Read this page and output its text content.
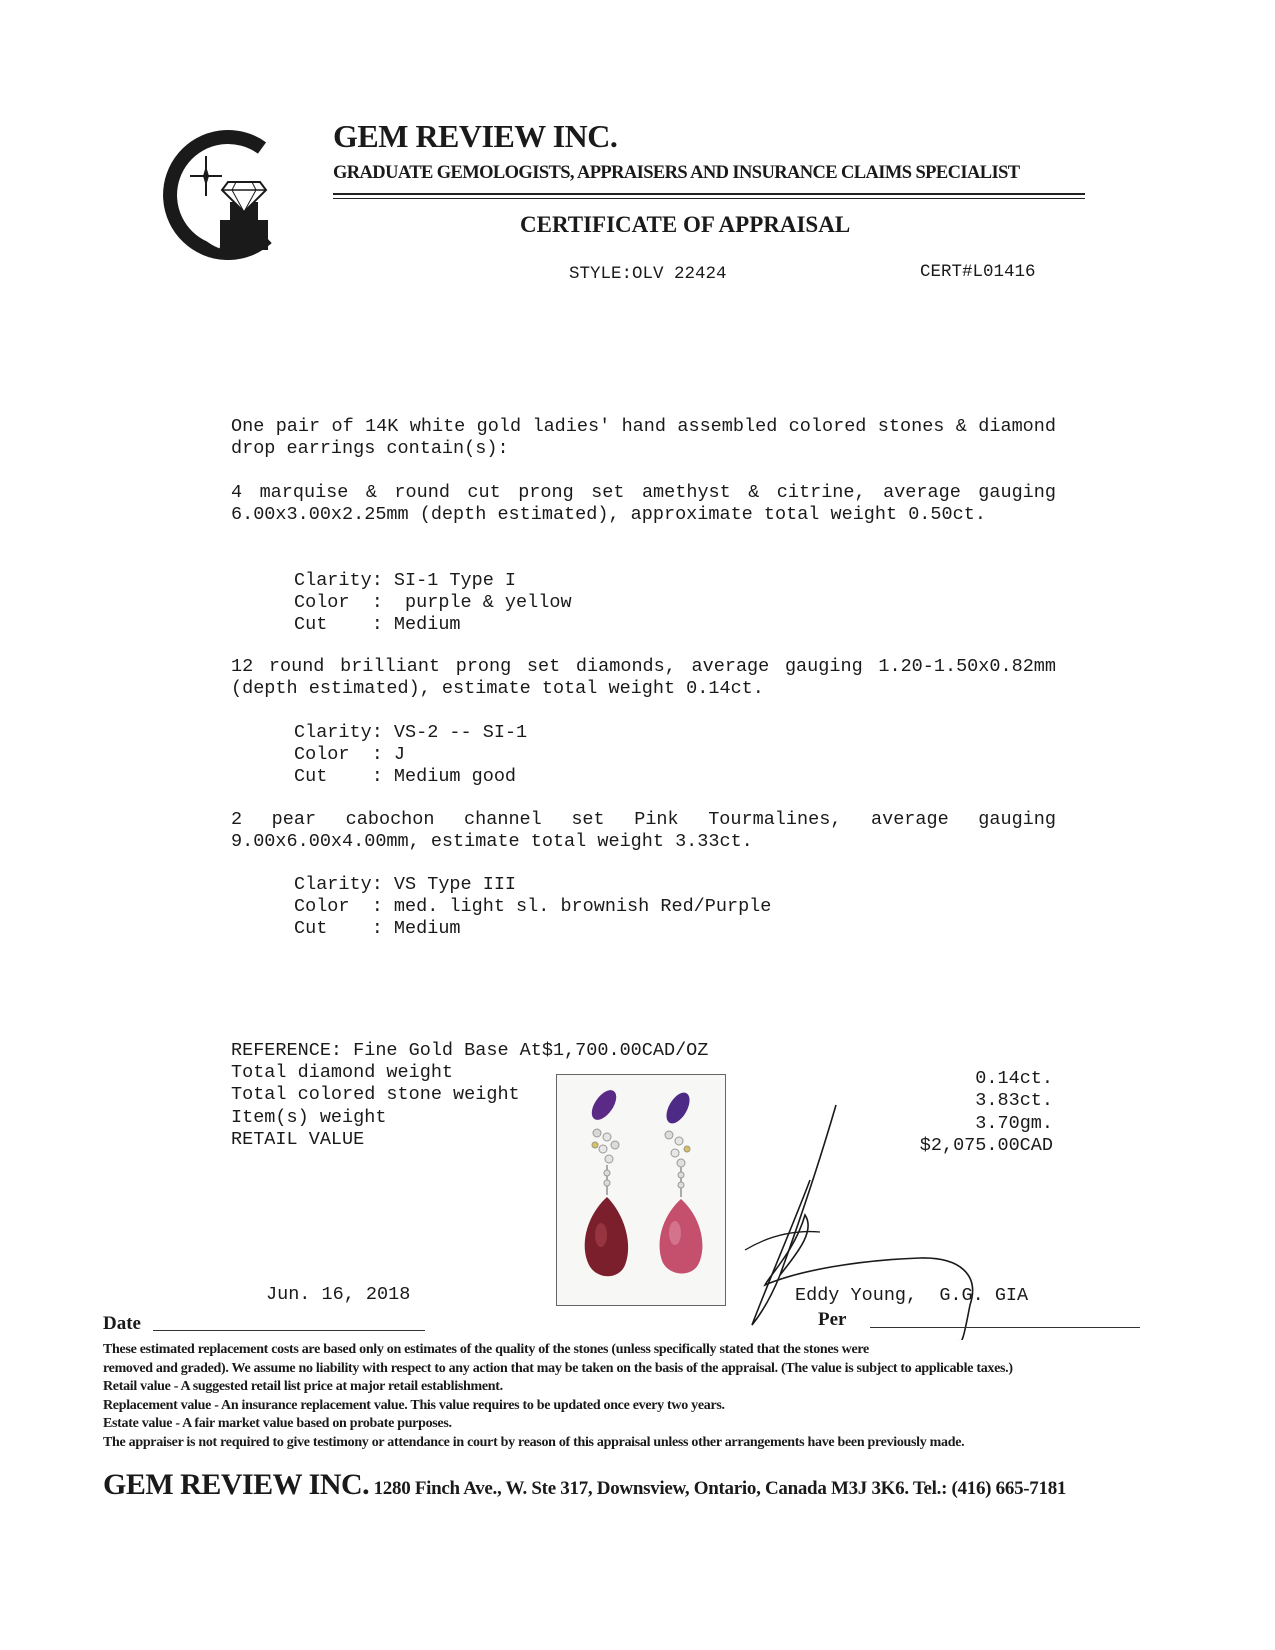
GEM REVIEW INC.
GRADUATE GEMOLOGISTS, APPRAISERS AND INSURANCE CLAIMS SPECIALIST
CERTIFICATE OF APPRAISAL
STYLE:OLV 22424	CERT#L01416
One pair of 14K white gold ladies' hand assembled colored stones & diamond drop earrings contain(s):
4 marquise & round cut prong set amethyst & citrine, average gauging 6.00x3.00x2.25mm (depth estimated), approximate total weight 0.50ct.
Clarity: SI-1 Type I
Color  :  purple & yellow
Cut    : Medium
12 round brilliant prong set diamonds, average gauging 1.20-1.50x0.82mm (depth estimated), estimate total weight 0.14ct.
Clarity: VS-2 -- SI-1
Color  : J
Cut    : Medium good
2 pear cabochon channel set Pink Tourmalines, average gauging 9.00x6.00x4.00mm, estimate total weight 3.33ct.
Clarity: VS Type III
Color  : med. light sl. brownish Red/Purple
Cut    : Medium
REFERENCE: Fine Gold Base At$1,700.00CAD/OZ
Total diamond weight
Total colored stone weight
Item(s) weight
RETAIL VALUE
0.14ct.
3.83ct.
3.70gm.
$2,075.00CAD
Jun. 16, 2018
Date
Eddy Young,  G.G. GIA
Per
These estimated replacement costs are based only on estimates of the quality of the stones (unless specifically stated that the stones were
removed and graded). We assume no liability with respect to any action that may be taken on the basis of the appraisal. (The value is subject to applicable taxes.)
Retail value - A suggested retail list price at major retail establishment.
Replacement value - An insurance replacement value. This value requires to be updated once every two years.
Estate value - A fair market value based on probate purposes.
The appraiser is not required to give testimony or attendance in court by reason of this appraisal unless other arrangements have been previously made.
GEM REVIEW INC. 1280 Finch Ave., W. Ste 317, Downsview, Ontario, Canada M3J 3K6. Tel.: (416) 665-7181
